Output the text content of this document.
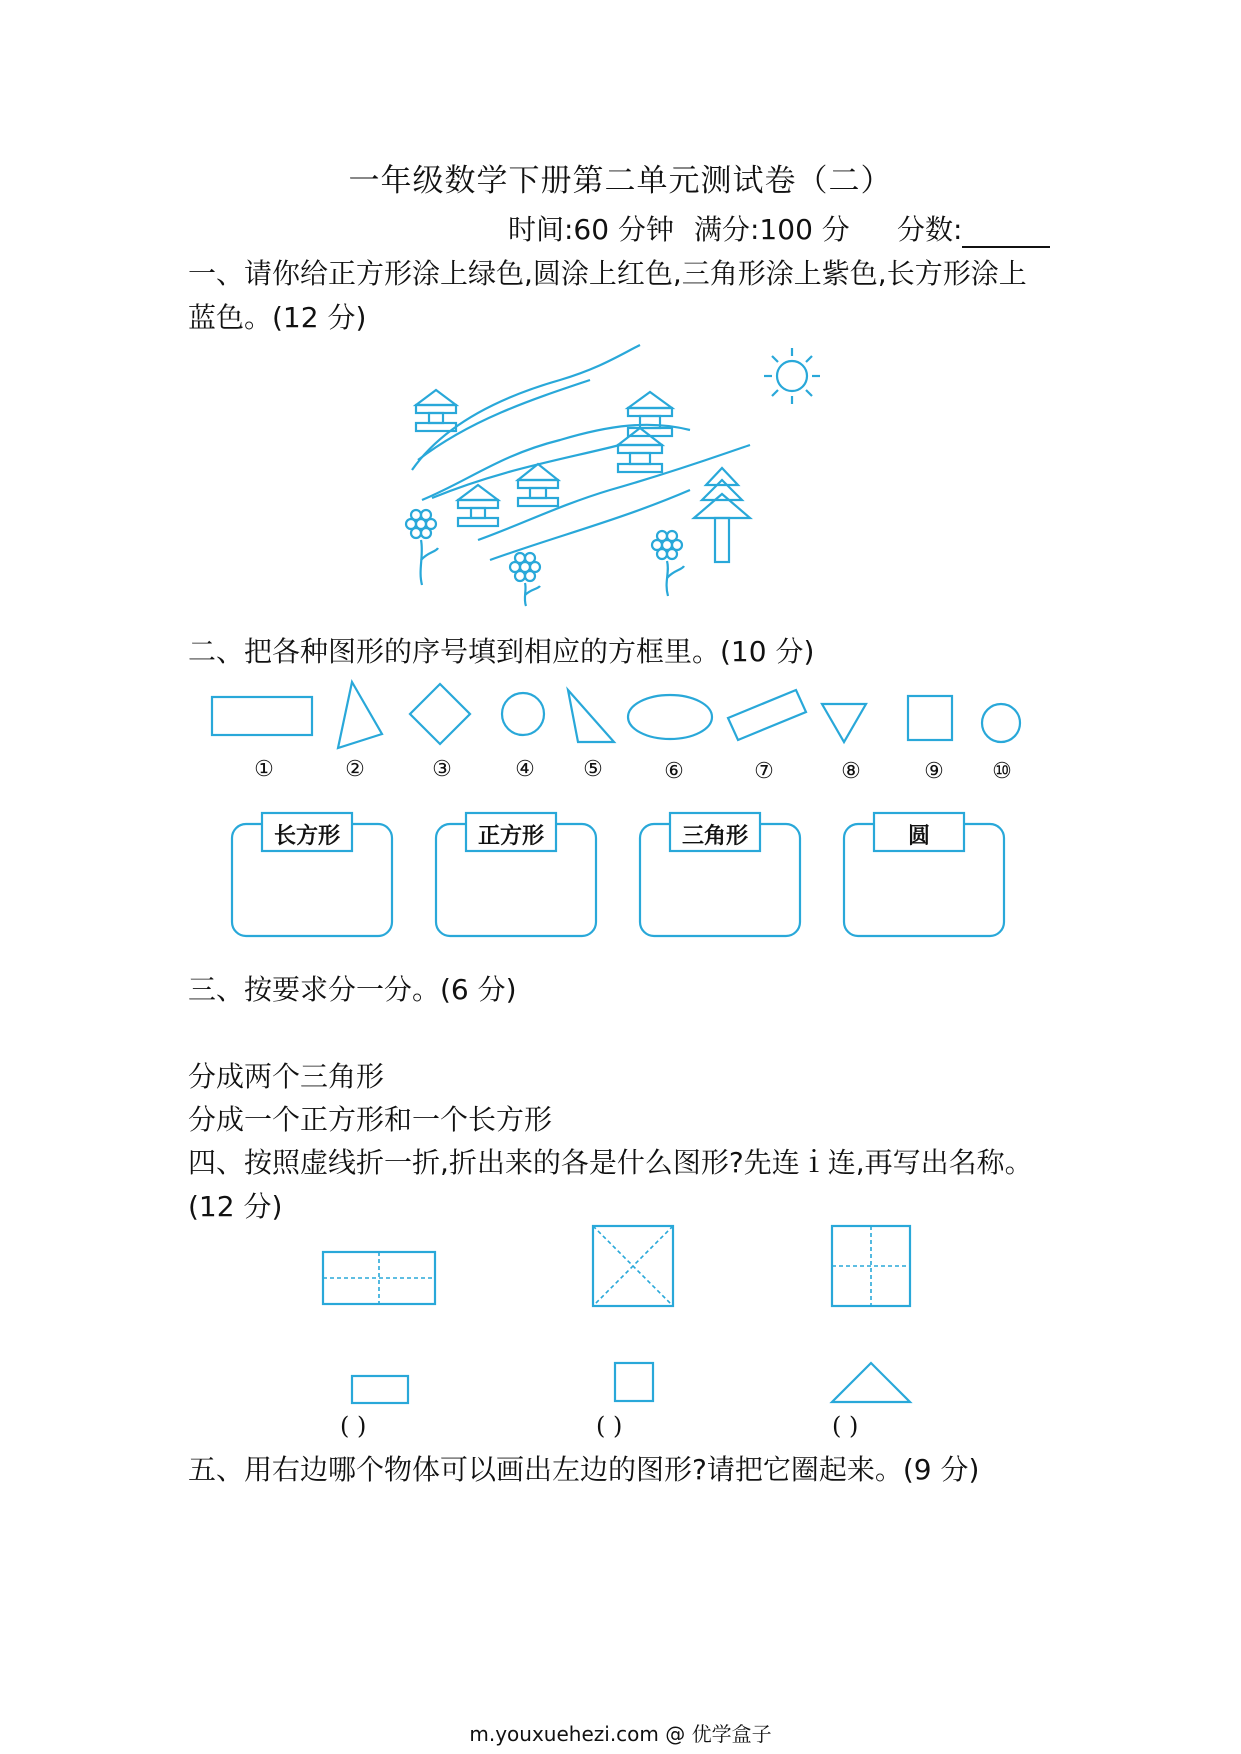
一年级数学下册第二单元测试卷（二）
时间:60 分钟 满分:100 分 分数:
一、请你给正方形涂上绿色,圆涂上红色,三角形涂上紫色,长方形涂上
蓝色。(12 分)
二、把各种图形的序号填到相应的方框里。(10 分)
①	②	③	④	⑤	⑥	⑦	⑧	⑨	⑩
长方形	正方形	三角形	圆
三、按要求分一分。(6 分)
分成两个三角形
分成一个正方形和一个长方形
四、按照虚线折一折,折出来的各是什么图形?先连ｉ连,再写出名称。
(12 分)
( )	( )	( )
五、用右边哪个物体可以画出左边的图形?请把它圈起来。(9 分)
m.youxuehezi.com @ 优学盒子
